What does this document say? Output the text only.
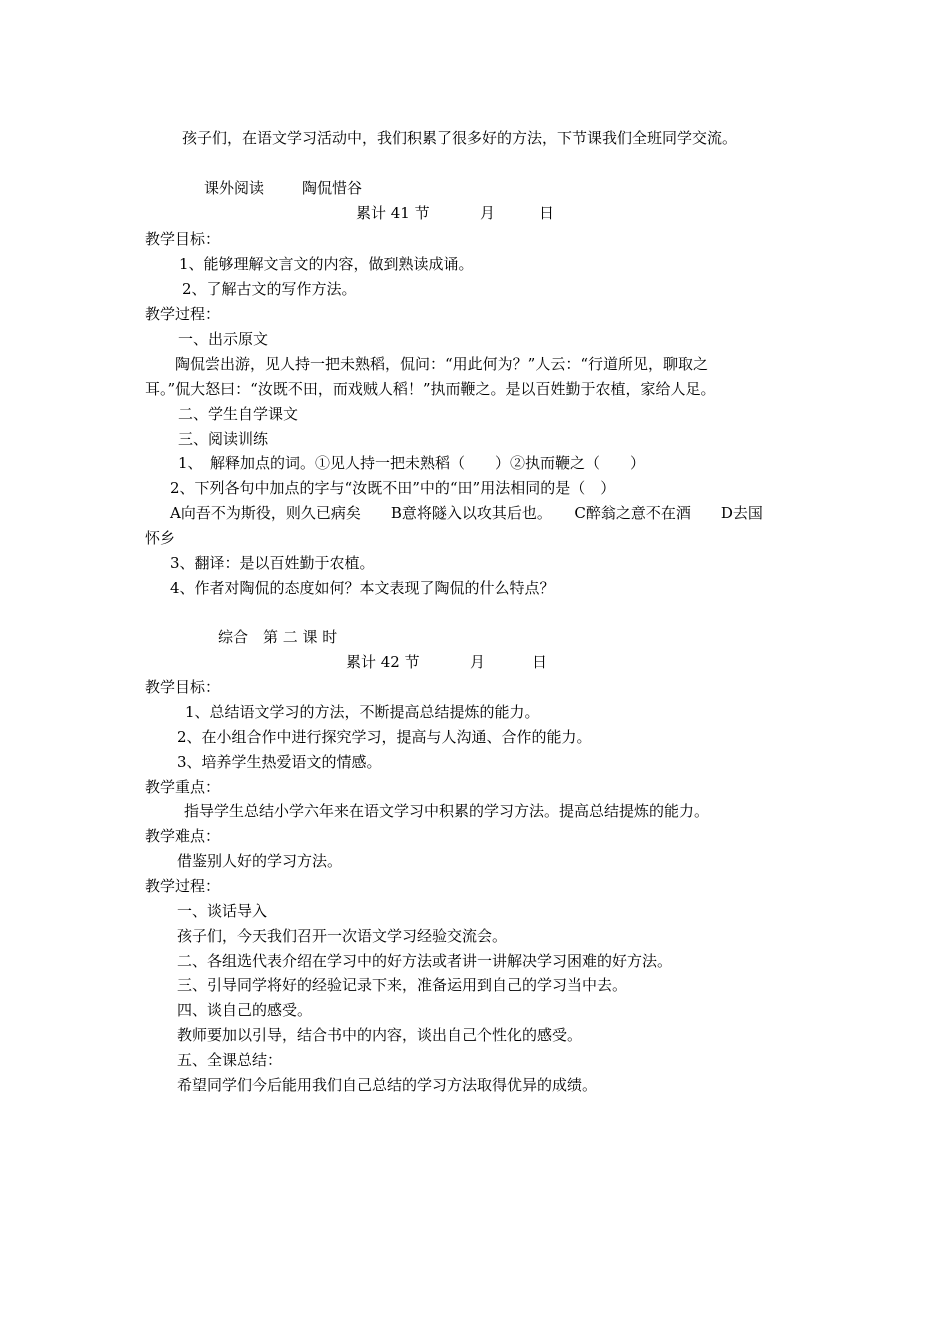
孩子们，在语文学习活动中，我们积累了很多好的方法，下节课我们全班同学交流。
课外阅读	陶侃惜谷
累计 41 节	月	日
教学目标：
1、能够理解文言文的内容，做到熟读成诵。
2、了解古文的写作方法。
教学过程：
一、出示原文
陶侃尝出游，见人持一把未熟稻，侃问：“用此何为？”人云：“行道所见，聊取之
耳。”侃大怒曰：“汝既不田，而戏贼人稻！”执而鞭之。是以百姓勤于农植，家给人足。
二、学生自学课文
三、阅读训练
1、　解释加点的词。①见人持一把未熟稻（　　）②执而鞭之（　　）
2、下列各句中加点的字与“汝既不田”中的“田”用法相同的是（　）
A向吾不为斯役，则久已病矣　　B意将隧入以攻其后也。　　C醉翁之意不在酒　　D去国
怀乡
3、翻译：是以百姓勤于农植。
4、作者对陶侃的态度如何？本文表现了陶侃的什么特点？
综合　第 二 课 时
累计 42 节	月	日
教学目标：
1、总结语文学习的方法，不断提高总结提炼的能力。
2、在小组合作中进行探究学习，提高与人沟通、合作的能力。
3、培养学生热爱语文的情感。
教学重点：
指导学生总结小学六年来在语文学习中积累的学习方法。提高总结提炼的能力。
教学难点：
借鉴别人好的学习方法。
教学过程：
一、谈话导入
孩子们，今天我们召开一次语文学习经验交流会。
二、各组选代表介绍在学习中的好方法或者讲一讲解决学习困难的好方法。
三、引导同学将好的经验记录下来，准备运用到自己的学习当中去。
四、谈自己的感受。
教师要加以引导，结合书中的内容，谈出自己个性化的感受。
五、全课总结：
希望同学们今后能用我们自己总结的学习方法取得优异的成绩。
